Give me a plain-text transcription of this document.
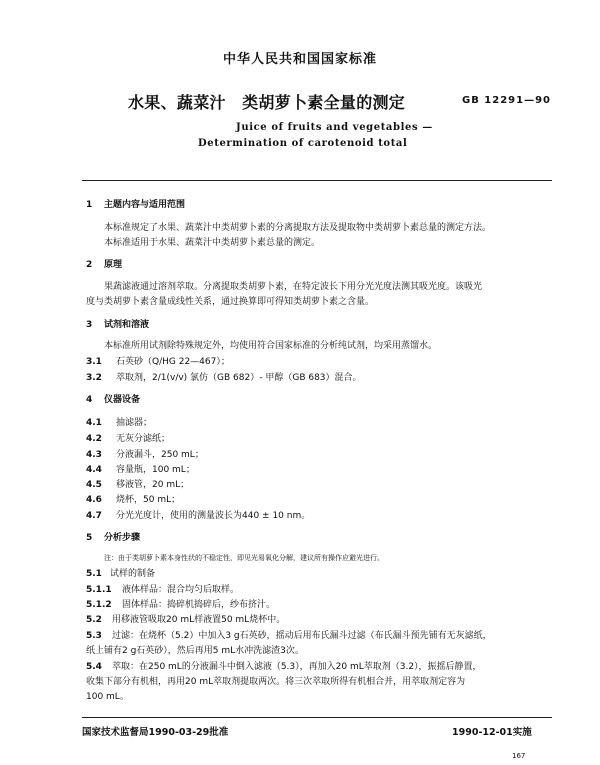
中华人民共和国国家标准
水果、蔬菜汁　类胡萝卜素全量的测定	GB 12291—90
Juice of fruits and vegetables —
Determination of carotenoid total
1 主题内容与适用范围
本标准规定了水果、蔬菜汁中类胡萝卜素的分离提取方法及提取物中类胡萝卜素总量的测定方法。
本标准适用于水果、蔬菜汁中类胡萝卜素总量的测定。
2 原理
果蔬滤液通过溶剂萃取。分离提取类胡萝卜素，在特定波长下用分光光度法测其吸光度。该吸光
度与类胡萝卜素含量成线性关系，通过换算即可得知类胡萝卜素之含量。
3 试剂和溶液
本标准所用试剂除特殊规定外，均使用符合国家标准的分析纯试剂，均采用蒸馏水。
3.1 石英砂（Q/HG 22—467）；
3.2 萃取剂，2/1(v/v) 氯仿（GB 682）- 甲醇（GB 683）混合。
4 仪器设备
4.1 抽滤器；
4.2 无灰分滤纸；
4.3 分液漏斗，250 mL；
4.4 容量瓶，100 mL；
4.5 移液管，20 mL；
4.6 烧杯，50 mL；
4.7 分光光度计，使用的测量波长为440 ± 10 nm。
5 分析步骤
注：由于类胡萝卜素本身性状的不稳定性，即见光易氧化分解，建议所有操作应避光进行。
5.1 试样的制备
5.1.1 液体样品：混合均匀后取样。
5.1.2 固体样品：捣碎机捣碎后，纱布挤汁。
5.2 用移液管吸取20 mL样液置50 mL烧杯中。
5.3 过滤：在烧杯（5.2）中加入3 g石英砂，摇动后用布氏漏斗过滤（布氏漏斗预先铺有无灰滤纸，
纸上铺有2 g石英砂），然后再用5 mL水冲洗滤渣3次。
5.4 萃取：在250 mL的分液漏斗中倒入滤液（5.3），再加入20 mL萃取剂（3.2），振摇后静置，
收集下部分有机相，再用20 mL萃取剂提取两次。将三次萃取所得有机相合并，用萃取剂定容为
100 mL。
国家技术监督局1990-03-29批准	1990-12-01实施
167
